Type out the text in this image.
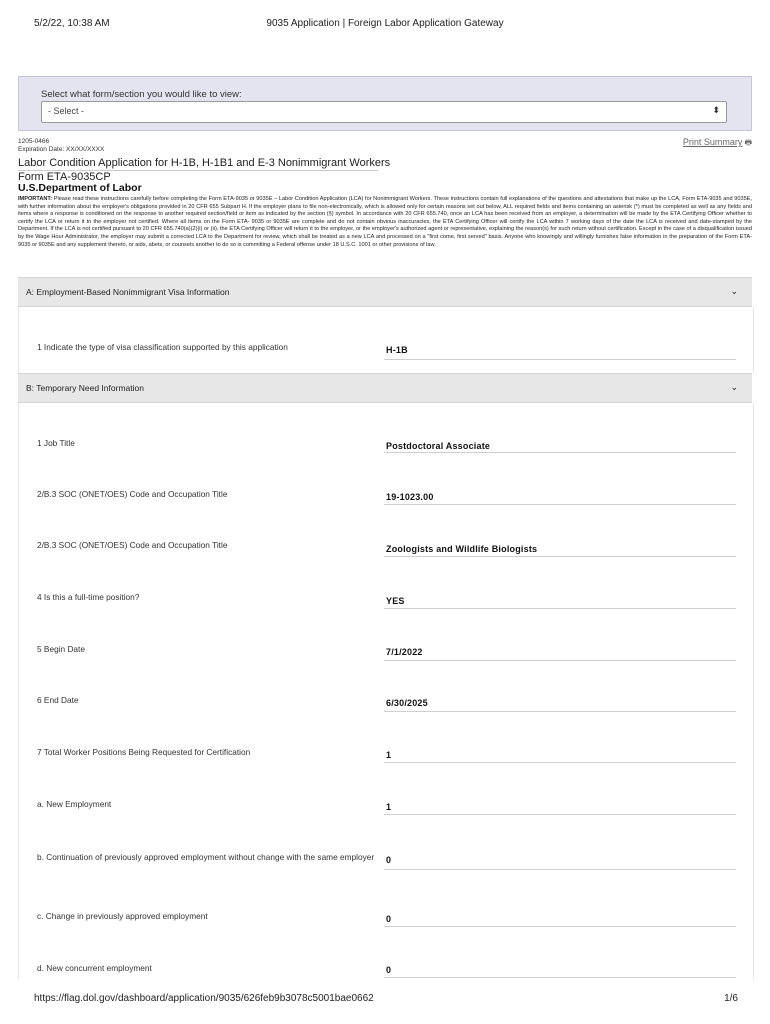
5/2/22, 10:38 AM	9035 Application | Foreign Labor Application Gateway
Select what form/section you would like to view:
- Select -	⬍
1205-0466
Expiration Date: XX/XX/XXXX
Print Summary 🖶
Labor Condition Application for H-1B, H-1B1 and E-3 Nonimmigrant Workers
Form ETA-9035CP
U.S.Department of Labor
IMPORTANT: Please read these instructions carefully before completing the Form ETA-9035 or 9035E – Labor Condition Application (LCA) for Nonimmigrant Workers. These instructions contain full explanations of the questions and attestations that make up the LCA, Form ETA-9035 and 9035E, with further information about the employer's obligations provided in 20 CFR 655 Subpart H. If the employer plans to file non-electronically, which is allowed only for certain reasons set out below, ALL required fields and items containing an asterisk (*) must be completed as well as any fields and items where a response is conditioned on the response to another required section/field or item as indicated by the section (§) symbol. In accordance with 20 CFR 655.740, once an LCA has been received from an employer, a determination will be made by the ETA Certifying Officer whether to certify the LCA or return it to the employer not certified. Where all items on the Form ETA- 9035 or 9035E are complete and do not contain obvious inaccuracies, the ETA Certifying Officer will certify the LCA within 7 working days of the date the LCA is received and date-stamped by the Department. If the LCA is not certified pursuant to 20 CFR 655.740(a)(2)(i) or (ii), the ETA Certifying Officer will return it to the employer, or the employer's authorized agent or representative, explaining the reason(s) for such return without certification. Except in the case of a disqualification issued by the Wage Hour Administrator, the employer may submit a corrected LCA to the Department for review, which shall be treated as a new LCA and processed on a "first come, first served" basis. Anyone who knowingly and willingly furnishes false information in the preparation of the Form ETA- 9035 or 9035E and any supplement thereto, or aids, abets, or counsels another to do so is committing a Federal offense under 18 U.S.C. 1001 or other provisions of law.
A: Employment-Based Nonimmigrant Visa Information	⌄
1 Indicate the type of visa classification supported by this application	H-1B
B: Temporary Need Information	⌄
1 Job Title	Postdoctoral Associate
2/B.3 SOC (ONET/OES) Code and Occupation Title	19-1023.00
2/B.3 SOC (ONET/OES) Code and Occupation Title	Zoologists and Wildlife Biologists
4 Is this a full-time position?	YES
5 Begin Date	7/1/2022
6 End Date	6/30/2025
7 Total Worker Positions Being Requested for Certification	1
a. New Employment	1
b. Continuation of previously approved employment without change with the same employer	0
c. Change in previously approved employment	0
d. New concurrent employment	0
https://flag.dol.gov/dashboard/application/9035/626feb9b3078c5001bae0662	1/6
